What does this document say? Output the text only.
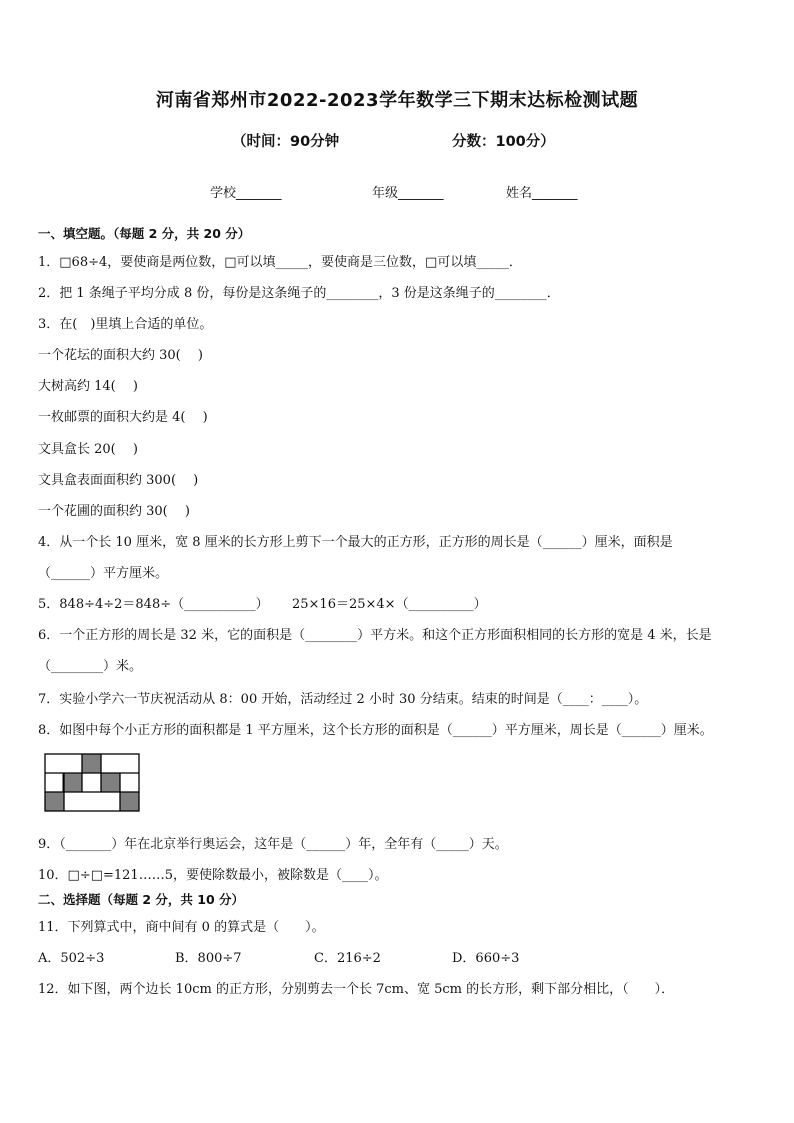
河南省郑州市2022-2023学年数学三下期末达标检测试题
（时间：90分钟	分数：100分）
学校_______	年级_______	姓名_______
一、填空题。（每题 2 分，共 20 分）
1．□68÷4，要使商是两位数，□可以填_____，要使商是三位数，□可以填_____．
2．把 1 条绳子平均分成 8 份，每份是这条绳子的________，3 份是这条绳子的________．
3．在(　)里填上合适的单位。
一个花坛的面积大约 30(　 )
大树高约 14(　 )
一枚邮票的面积大约是 4(　 )
文具盒长 20(　 )
文具盒表面面积约 300(　 )
一个花圃的面积约 30(　 )
4．从一个长 10 厘米，宽 8 厘米的长方形上剪下一个最大的正方形，正方形的周长是（______）厘米，面积是
（______）平方厘米。
5．848÷4÷2＝848÷（___________） 25×16＝25×4×（__________）
6．一个正方形的周长是 32 米，它的面积是（________）平方米。和这个正方形面积相同的长方形的宽是 4 米，长是
（________）米。
7．实验小学六一节庆祝活动从 8：00 开始，活动经过 2 小时 30 分结束。结束的时间是（____：____）。
8．如图中每个小正方形的面积都是 1 平方厘米，这个长方形的面积是（______）平方厘米，周长是（______）厘米。
9．（_______）年在北京举行奥运会，这年是（______）年，全年有（_____）天。
10．□÷□=121……5，要使除数最小，被除数是（____）。
二、选择题（每题 2 分，共 10 分）
11．下列算式中，商中间有 0 的算式是（　　）。
A．502÷3	B．800÷7	C．216÷2	D．660÷3
12．如下图，两个边长 10cm 的正方形，分别剪去一个长 7cm、宽 5cm 的长方形，剩下部分相比，（　　）．
